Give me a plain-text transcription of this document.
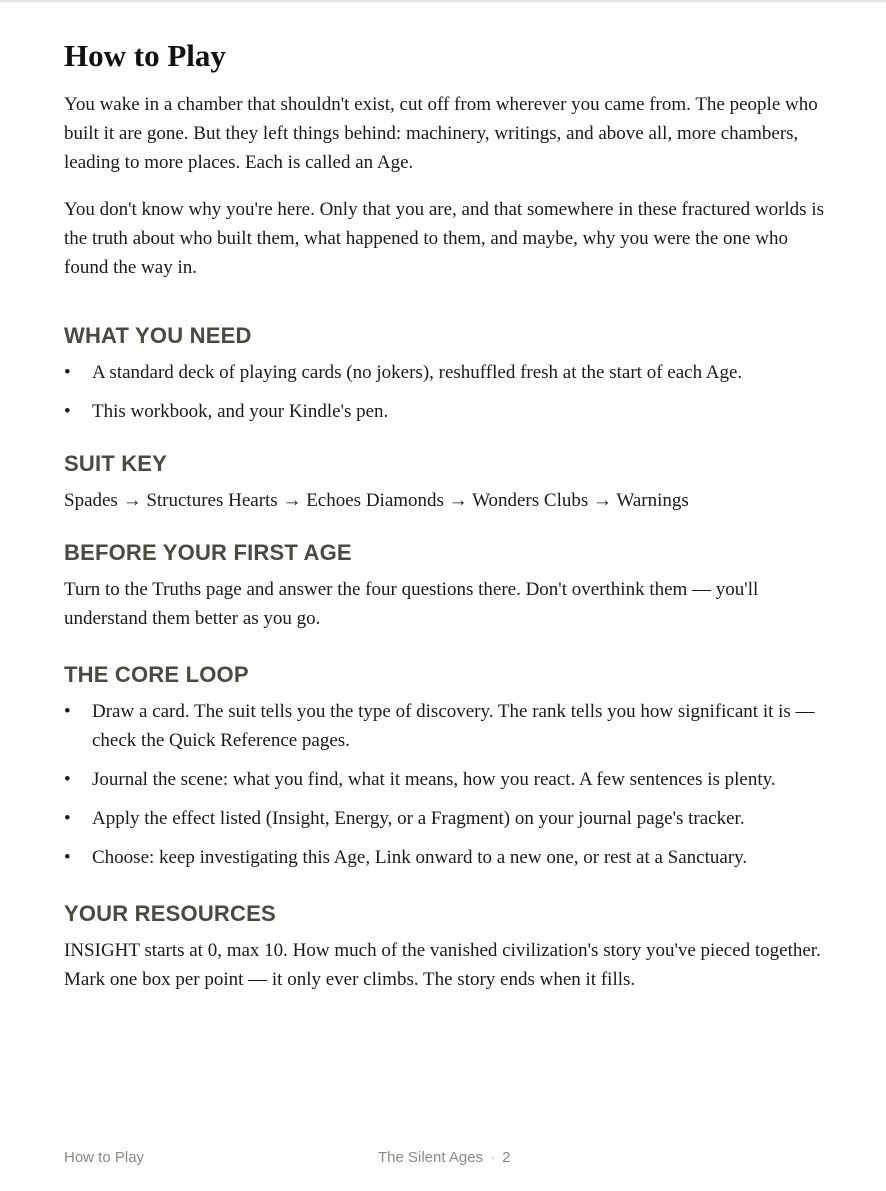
How to Play

You wake in a chamber that shouldn't exist, cut off from wherever you came from. The people who built it are gone. But they left things behind: machinery, writings, and above all, more chambers, leading to more places. Each is called an Age.

You don't know why you're here. Only that you are, and that somewhere in these fractured worlds is the truth about who built them, what happened to them, and maybe, why you were the one who found the way in.

WHAT YOU NEED
• A standard deck of playing cards (no jokers), reshuffled fresh at the start of each Age.
• This workbook, and your Kindle's pen.
SUIT KEY

Spades → Structures Hearts → Echoes Diamonds → Wonders Clubs → Warnings

BEFORE YOUR FIRST AGE

Turn to the Truths page and answer the four questions there. Don't overthink them — you'll understand them better as you go.

THE CORE LOOP
• Draw a card. The suit tells you the type of discovery. The rank tells you how significant it is — check the Quick Reference pages.
• Journal the scene: what you find, what it means, how you react. A few sentences is plenty.
• Apply the effect listed (Insight, Energy, or a Fragment) on your journal page's tracker.
• Choose: keep investigating this Age, Link onward to a new one, or rest at a Sanctuary.
YOUR RESOURCES

INSIGHT starts at 0, max 10. How much of the vanished civilization's story you've pieced together. Mark one box per point — it only ever climbs. The story ends when it fills.

How to Play	The Silent Ages · 2
